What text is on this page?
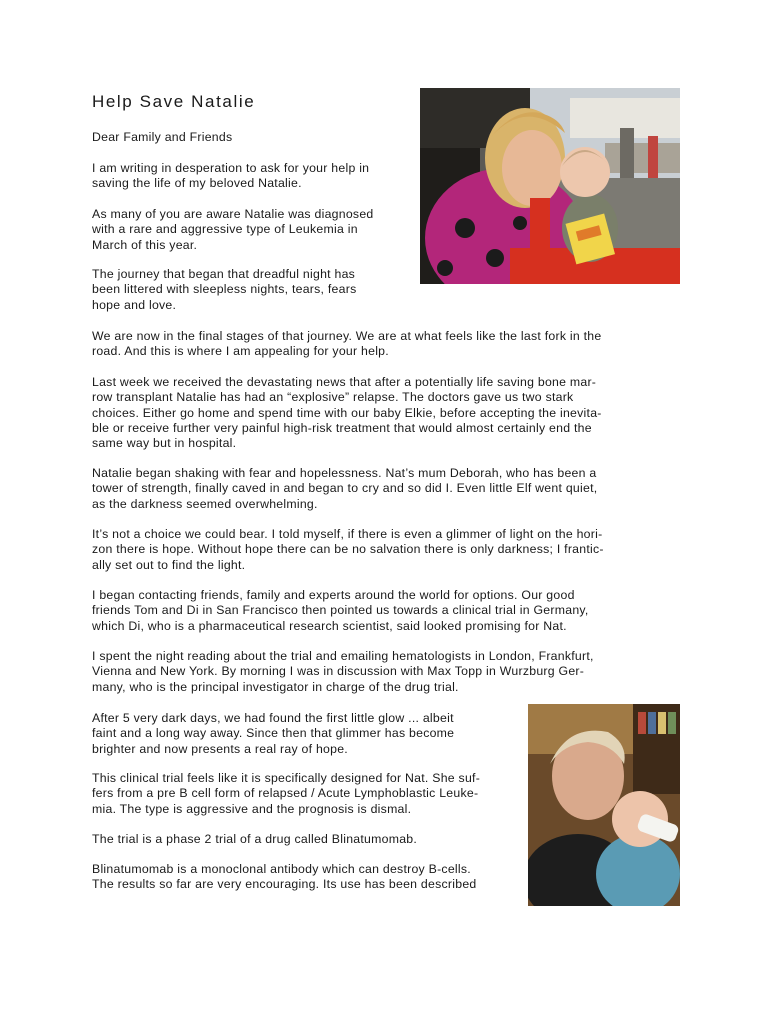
Help Save Natalie

Dear Family and Friends

I am writing in desperation to ask for your help in
saving the life of my beloved Natalie.

As many of you are aware Natalie was diagnosed
with a rare and aggressive type of Leukemia in
March of this year.

The journey that began that dreadful night has
been littered with sleepless nights, tears, fears
hope and love.

We are now in the final stages of that journey. We are at what feels like the last fork in the
road. And this is where I am appealing for your help.

Last week we received the devastating news that after a potentially life saving bone mar-
row transplant Natalie has had an “explosive” relapse. The doctors gave us two stark
choices. Either go home and spend time with our baby Elkie, before accepting the inevita-
ble or receive further very painful high-risk treatment that would almost certainly end the
same way but in hospital.

Natalie began shaking with fear and hopelessness. Nat’s mum Deborah, who has been a
tower of strength, finally caved in and began to cry and so did I. Even little Elf went quiet,
as the darkness seemed overwhelming.

It’s not a choice we could bear. I told myself, if there is even a glimmer of light on the hori-
zon there is hope. Without hope there can be no salvation there is only darkness; I frantic-
ally set out to find the light.

I began contacting friends, family and experts around the world for options. Our good
friends Tom and Di in San Francisco then pointed us towards a clinical trial in Germany,
which Di, who is a pharmaceutical research scientist, said looked promising for Nat.

I spent the night reading about the trial and emailing hematologists in London, Frankfurt,
Vienna and New York. By morning I was in discussion with Max Topp in Wurzburg Ger-
many, who is the principal investigator in charge of the drug trial.

After 5 very dark days, we had found the first little glow ... albeit
faint and a long way away. Since then that glimmer has become
brighter and now presents a real ray of hope.

This clinical trial feels like it is specifically designed for Nat. She suf-
fers from a pre B cell form of relapsed / Acute Lymphoblastic Leuke-
mia. The type is aggressive and the prognosis is dismal.

The trial is a phase 2 trial of a drug called Blinatumomab.

Blinatumomab is a monoclonal antibody which can destroy B-cells.
The results so far are very encouraging. Its use has been described
